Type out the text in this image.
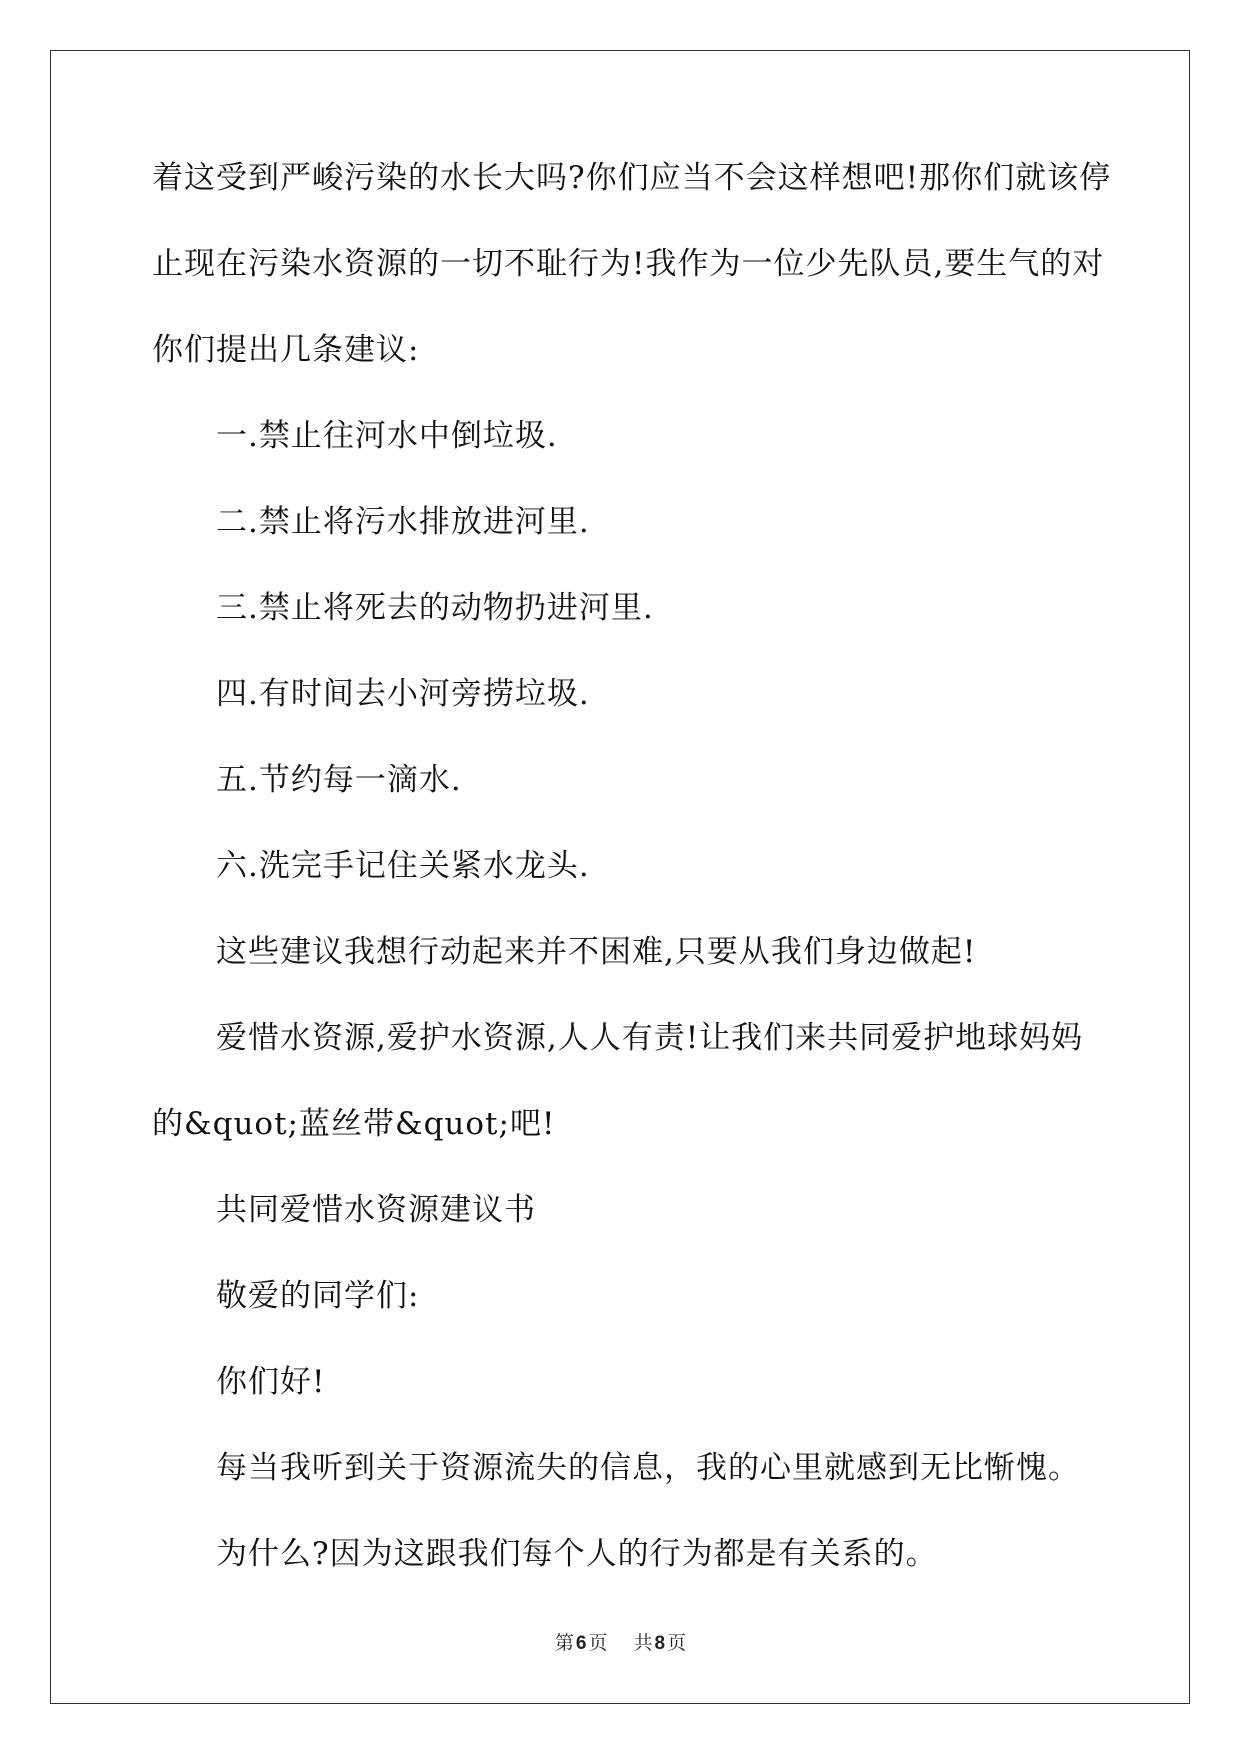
着这受到严峻污染的水长大吗?你们应当不会这样想吧!那你们就该停
止现在污染水资源的一切不耻行为!我作为一位少先队员,要生气的对
你们提出几条建议:
一.禁止往河水中倒垃圾.
二.禁止将污水排放进河里.
三.禁止将死去的动物扔进河里.
四.有时间去小河旁捞垃圾.
五.节约每一滴水.
六.洗完手记住关紧水龙头.
这些建议我想行动起来并不困难,只要从我们身边做起!
爱惜水资源,爱护水资源,人人有责!让我们来共同爱护地球妈妈
的&quot;蓝丝带&quot;吧!
共同爱惜水资源建议书
敬爱的同学们:
你们好!
每当我听到关于资源流失的信息，我的心里就感到无比惭愧。
为什么?因为这跟我们每个人的行为都是有关系的。
第 6 页 共 8 页
